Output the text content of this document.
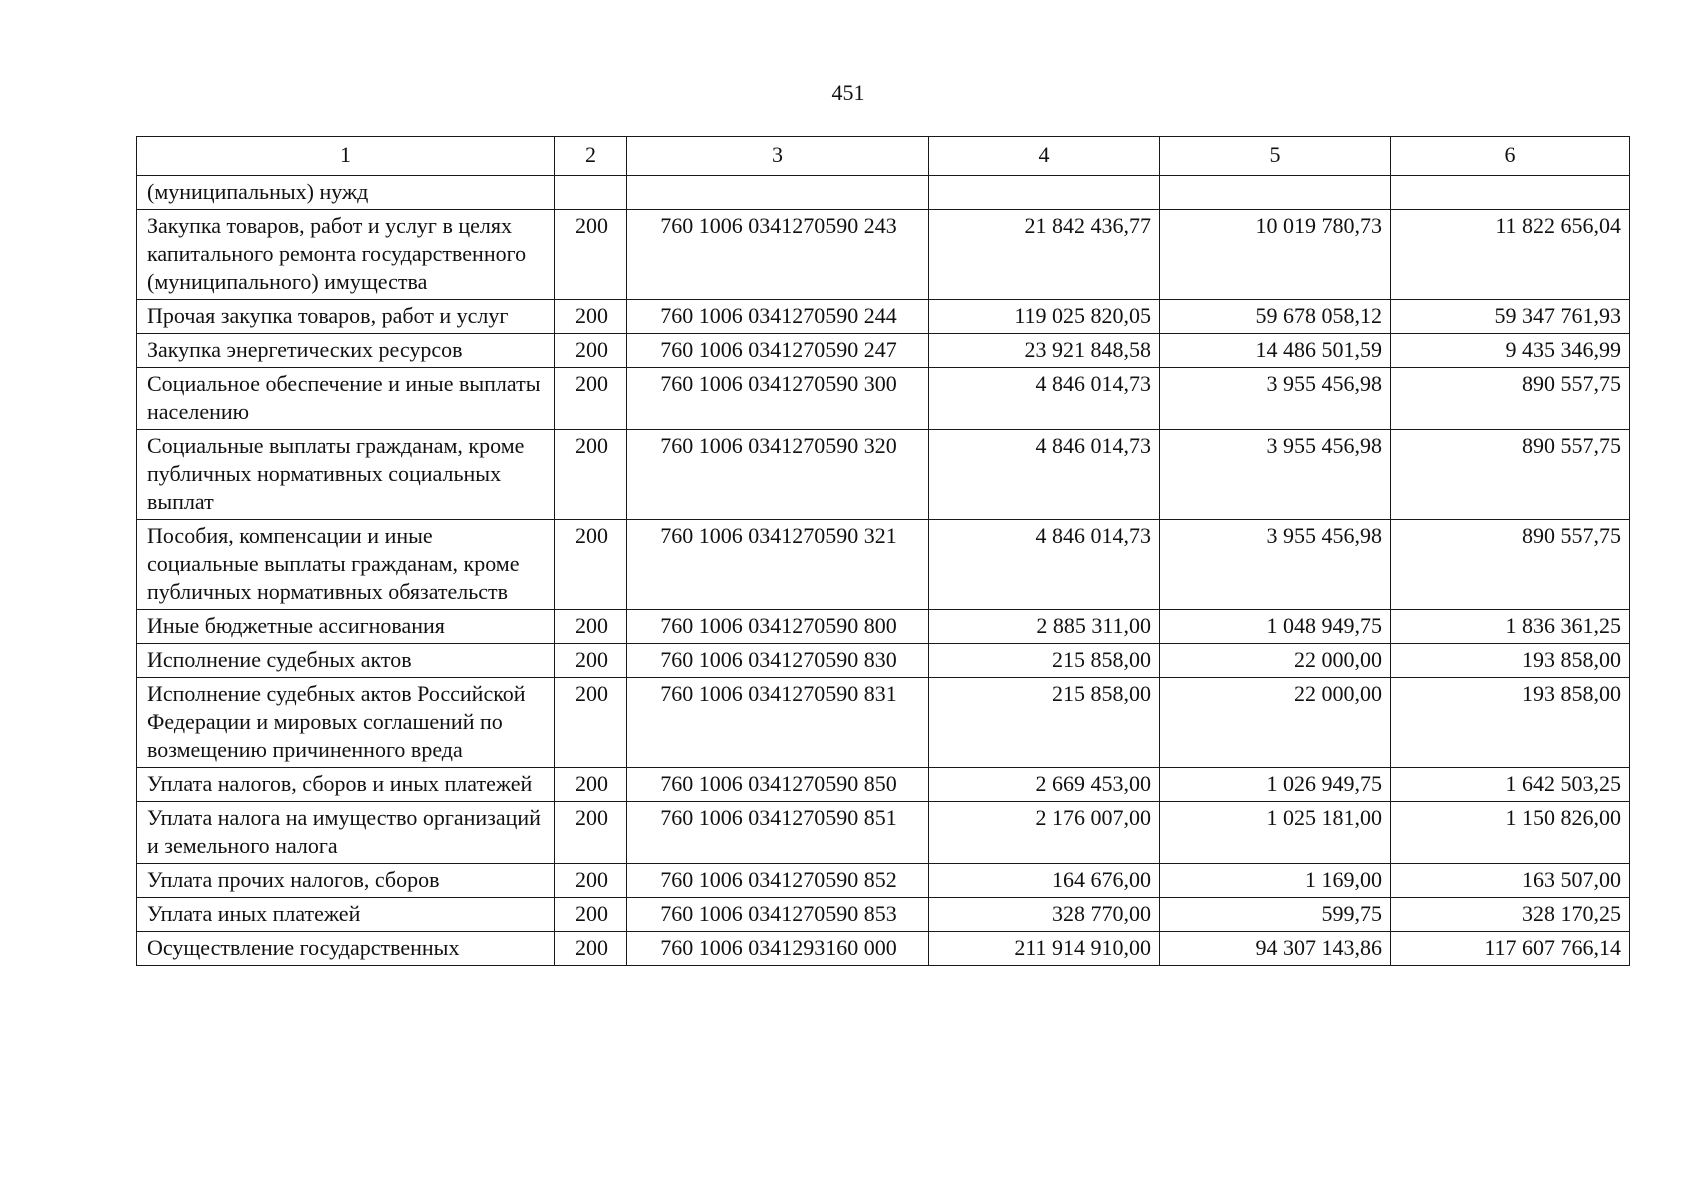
451
1	2	3	4	5	6
(муниципальных) нужд					
Закупка товаров, работ и услуг в целях капитального ремонта государственного (муниципального) имущества	200	760 1006 0341270590 243	21 842 436,77	10 019 780,73	11 822 656,04
Прочая закупка товаров, работ и услуг	200	760 1006 0341270590 244	119 025 820,05	59 678 058,12	59 347 761,93
Закупка энергетических ресурсов	200	760 1006 0341270590 247	23 921 848,58	14 486 501,59	9 435 346,99
Социальное обеспечение и иные выплаты населению	200	760 1006 0341270590 300	4 846 014,73	3 955 456,98	890 557,75
Социальные выплаты гражданам, кроме публичных нормативных социальных выплат	200	760 1006 0341270590 320	4 846 014,73	3 955 456,98	890 557,75
Пособия, компенсации и иные социальные выплаты гражданам, кроме публичных нормативных обязательств	200	760 1006 0341270590 321	4 846 014,73	3 955 456,98	890 557,75
Иные бюджетные ассигнования	200	760 1006 0341270590 800	2 885 311,00	1 048 949,75	1 836 361,25
Исполнение судебных актов	200	760 1006 0341270590 830	215 858,00	22 000,00	193 858,00
Исполнение судебных актов Российской Федерации и мировых соглашений по возмещению причиненного вреда	200	760 1006 0341270590 831	215 858,00	22 000,00	193 858,00
Уплата налогов, сборов и иных платежей	200	760 1006 0341270590 850	2 669 453,00	1 026 949,75	1 642 503,25
Уплата налога на имущество организаций и земельного налога	200	760 1006 0341270590 851	2 176 007,00	1 025 181,00	1 150 826,00
Уплата прочих налогов, сборов	200	760 1006 0341270590 852	164 676,00	1 169,00	163 507,00
Уплата иных платежей	200	760 1006 0341270590 853	328 770,00	599,75	328 170,25
Осуществление государственных	200	760 1006 0341293160 000	211 914 910,00	94 307 143,86	117 607 766,14
